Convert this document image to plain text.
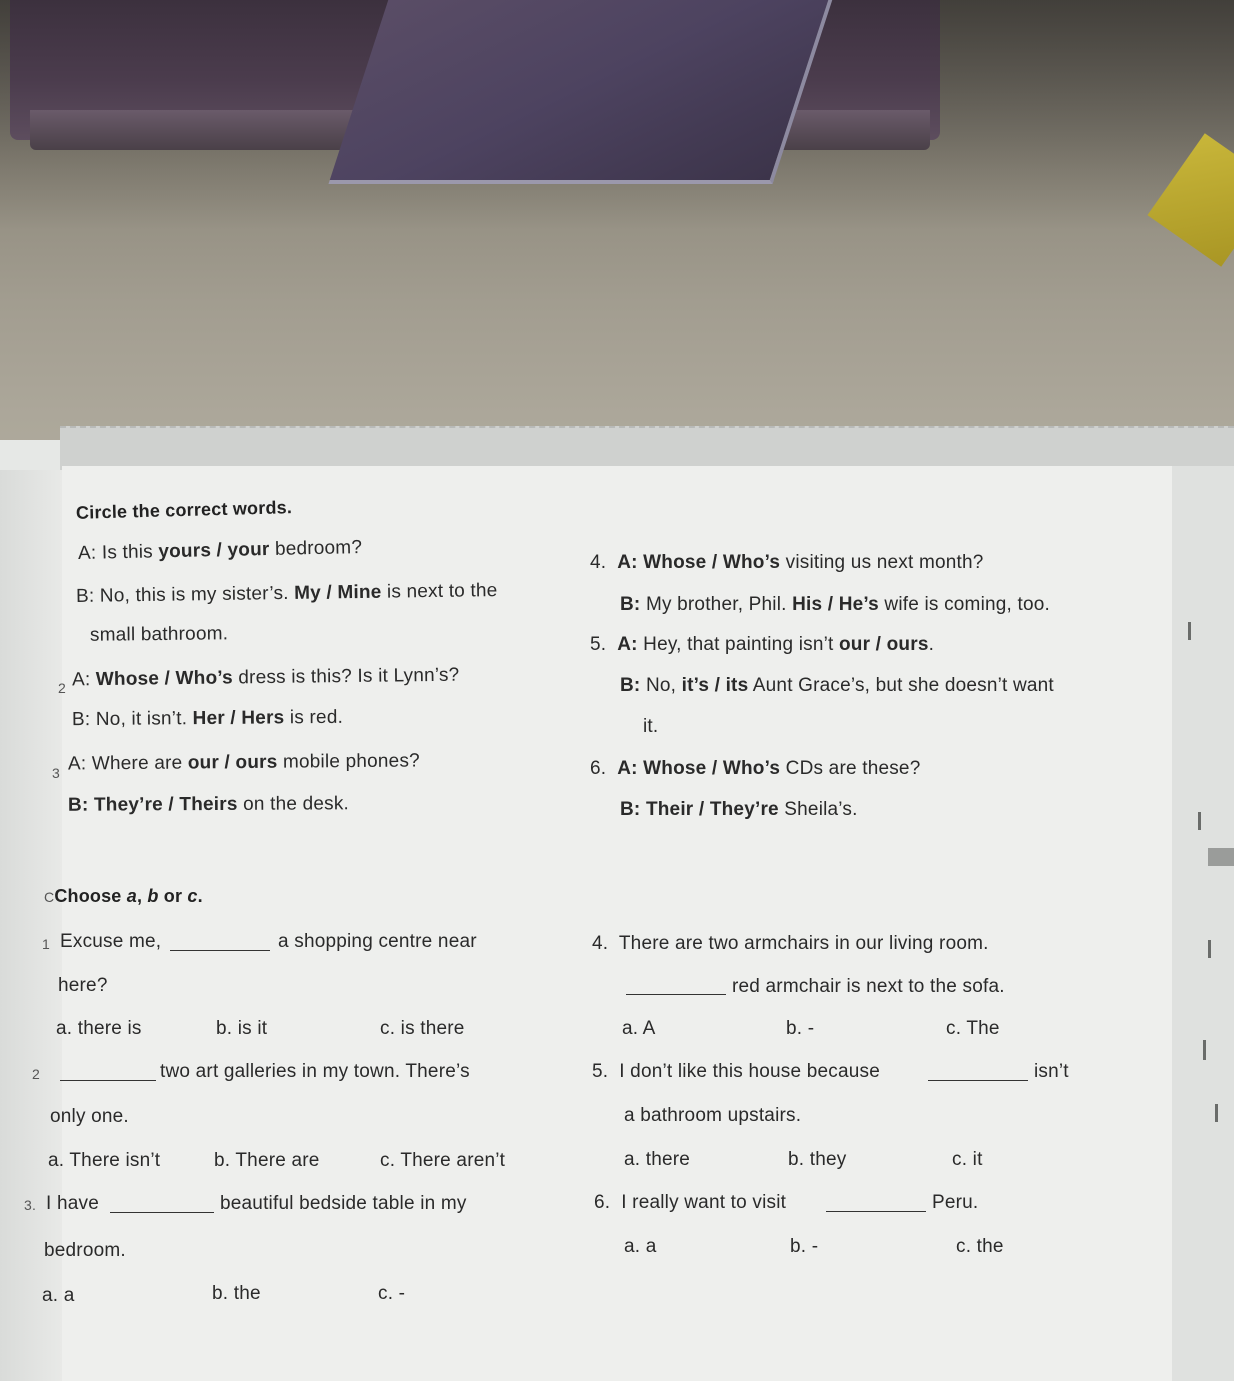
Circle the correct words.
A: Is this yours / your bedroom?
B: No, this is my sister’s. My / Mine is next to the
small bathroom.
2 A: Whose / Who’s dress is this? Is it Lynn’s?
B: No, it isn’t. Her / Hers is red.
3 A: Where are our / ours mobile phones?
B: They’re / Theirs on the desk.
4. A: Whose / Who’s visiting us next month?
B: My brother, Phil. His / He’s wife is coming, too.
5. A: Hey, that painting isn’t our / ours.
B: No, it’s / its Aunt Grace’s, but she doesn’t want
it.
6. A: Whose / Who’s CDs are these?
B: Their / They’re Sheila’s.
CChoose a, b or c.
1 Excuse me,	a shopping centre near
here?
a. there is	b. is it	c. is there
2	two art galleries in my town. There’s
only one.
a. There isn’t	b. There are	c. There aren’t
3. I have	beautiful bedside table in my
bedroom.
a. a	b. the	c. -
4. There are two armchairs in our living room.
red armchair is next to the sofa.
a. A	b. -	c. The
5. I don’t like this house because	isn’t
a bathroom upstairs.
a. there	b. they	c. it
6. I really want to visit	Peru.
a. a	b. -	c. the
